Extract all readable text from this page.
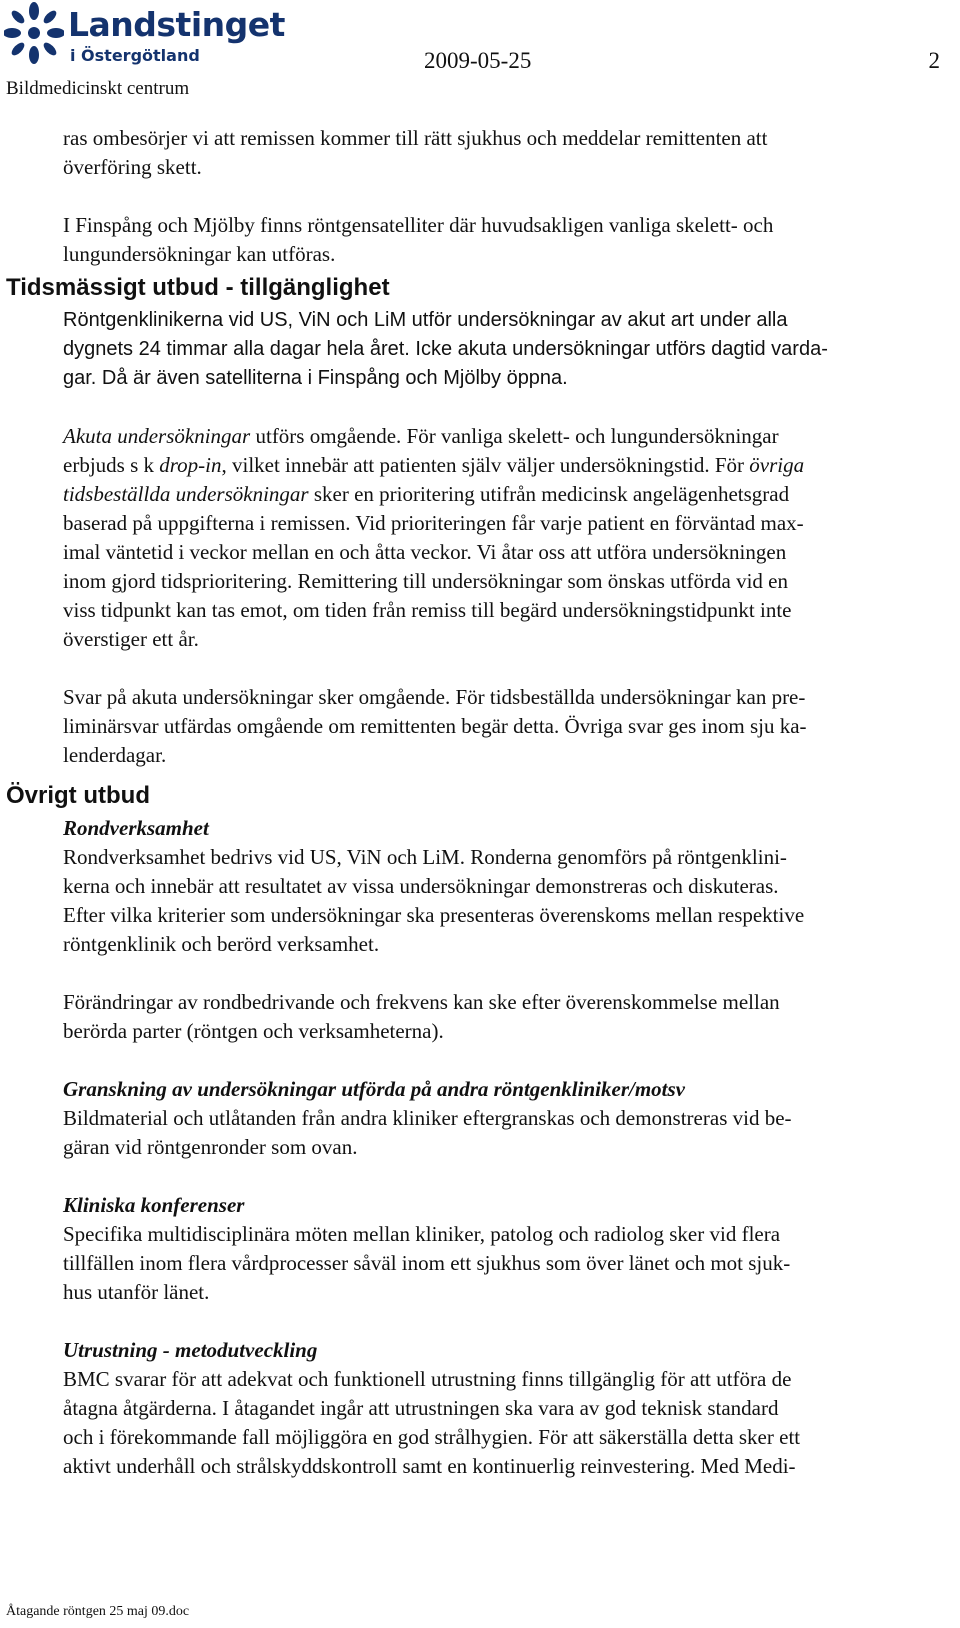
Landstinget
i Östergötland
Bildmedicinskt centrum
2009-05-25	2

ras ombesörjer vi att remissen kommer till rätt sjukhus och meddelar remittenten att

överföring skett.

I Finspång och Mjölby finns röntgensatelliter där huvudsakligen vanliga skelett- och

lungundersökningar kan utföras.

Tidsmässigt utbud - tillgänglighet

Röntgenklinikerna vid US, ViN och LiM utför undersökningar av akut art under alla

dygnets 24 timmar alla dagar hela året. Icke akuta undersökningar utförs dagtid varda-

gar. Då är även satelliterna i Finspång och Mjölby öppna.

Akuta undersökningar utförs omgående. För vanliga skelett- och lungundersökningar

erbjuds s k drop-in, vilket innebär att patienten själv väljer undersökningstid. För övriga

tidsbeställda undersökningar sker en prioritering utifrån medicinsk angelägenhetsgrad

baserad på uppgifterna i remissen. Vid prioriteringen får varje patient en förväntad max-

imal väntetid i veckor mellan en och åtta veckor. Vi åtar oss att utföra undersökningen

inom gjord tidsprioritering. Remittering till undersökningar som önskas utförda vid en

viss tidpunkt kan tas emot, om tiden från remiss till begärd undersökningstidpunkt inte

överstiger ett år.

Svar på akuta undersökningar sker omgående. För tidsbeställda undersökningar kan pre-

liminärsvar utfärdas omgående om remittenten begär detta. Övriga svar ges inom sju ka-

lenderdagar.

Övrigt utbud

Rondverksamhet

Rondverksamhet bedrivs vid US, ViN och LiM. Ronderna genomförs på röntgenklini-

kerna och innebär att resultatet av vissa undersökningar demonstreras och diskuteras.

Efter vilka kriterier som undersökningar ska presenteras överenskoms mellan respektive

röntgenklinik och berörd verksamhet.

Förändringar av rondbedrivande och frekvens kan ske efter överenskommelse mellan

berörda parter (röntgen och verksamheterna).

Granskning av undersökningar utförda på andra röntgenkliniker/motsv

Bildmaterial och utlåtanden från andra kliniker eftergranskas och demonstreras vid be-

gäran vid röntgenronder som ovan.

Kliniska konferenser

Specifika multidisciplinära möten mellan kliniker, patolog och radiolog sker vid flera

tillfällen inom flera vårdprocesser såväl inom ett sjukhus som över länet och mot sjuk-

hus utanför länet.

Utrustning - metodutveckling

BMC svarar för att adekvat och funktionell utrustning finns tillgänglig för att utföra de

åtagna åtgärderna. I åtagandet ingår att utrustningen ska vara av god teknisk standard

och i förekommande fall möjliggöra en god strålhygien. För att säkerställa detta sker ett

aktivt underhåll och strålskyddskontroll samt en kontinuerlig reinvestering. Med Medi-

Åtagande röntgen 25 maj 09.doc
